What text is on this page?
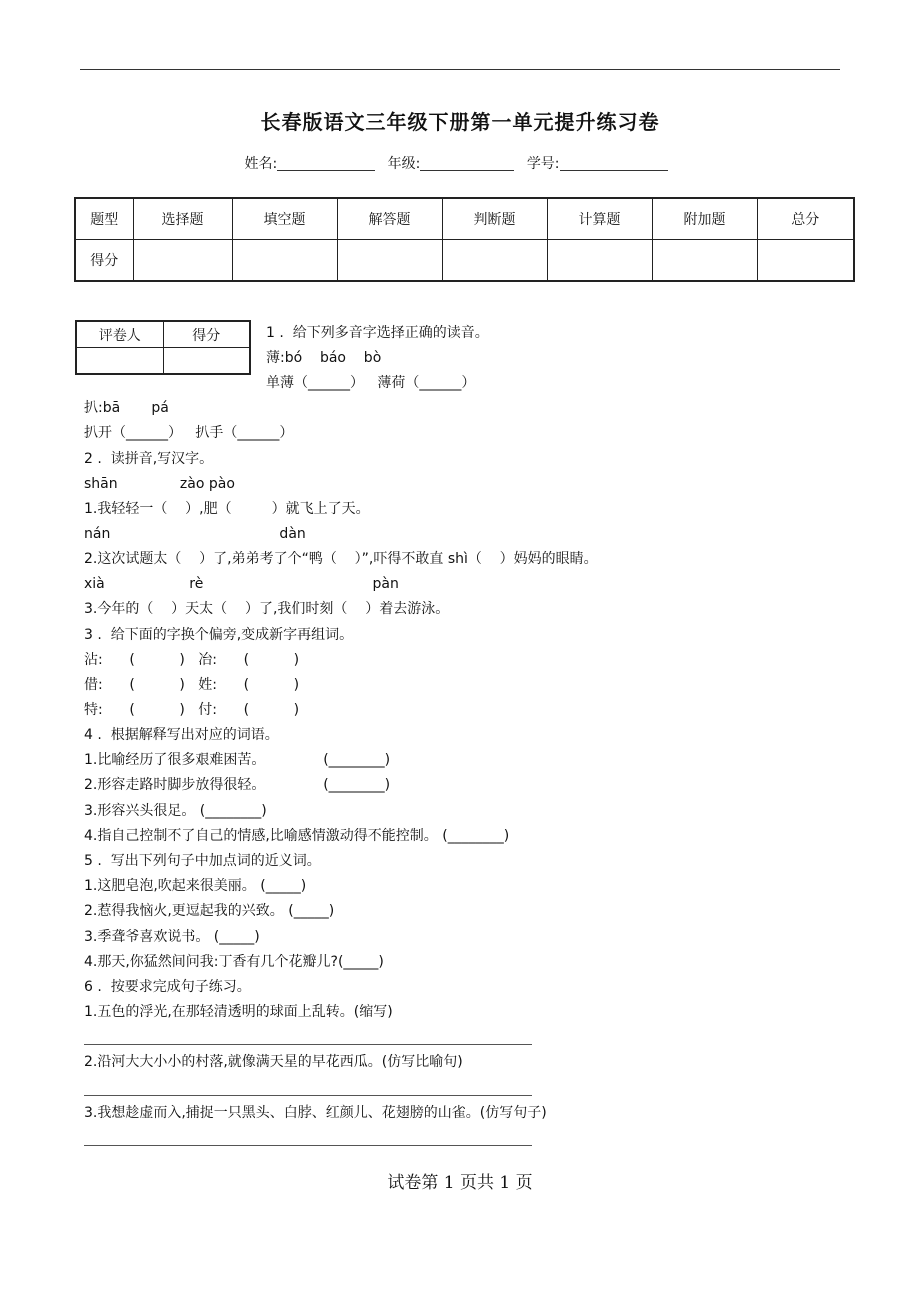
长春版语文三年级下册第一单元提升练习卷
姓名:	年级:	学号:
题型	选择题	填空题	解答题	判断题	计算题	附加题	总分
得分							
评卷人	得分
		1 .  给下列多音字选择正确的读音。
薄:bó    báo    bò
单薄（______）   薄荷（______）
扒:bā       pá
扒开（______）   扒手（______）
2 .  读拼音,写汉字。
shān              zào pào
1.我轻轻一（    ）,肥（         ）就飞上了天。
nán                                      dàn
2.这次试题太（    ）了,弟弟考了个“鸭（    ）”,吓得不敢直 shì（    ）妈妈的眼睛。
xià                   rè                                      pàn
3.今年的（    ）天太（    ）了,我们时刻（    ）着去游泳。
3 .  给下面的字换个偏旁,变成新字再组词。
沾:      (          )   冶:      (          )
借:      (          )   姓:      (          )
特:      (          )   付:      (          )
4 .  根据解释写出对应的词语。
1.比喻经历了很多艰难困苦。             (________)
2.形容走路时脚步放得很轻。             (________)
3.形容兴头很足。 (________)
4.指自己控制不了自己的情感,比喻感情激动得不能控制。 (________)
5 .  写出下列句子中加点词的近义词。
1.这肥皂泡,吹起来很美丽。 (_____)
2.惹得我恼火,更逗起我的兴致。 (_____)
3.季聋爷喜欢说书。 (_____)
4.那天,你猛然间问我:丁香有几个花瓣儿?(_____)
6 .  按要求完成句子练习。
1.五色的浮光,在那轻清透明的球面上乱转。(缩写)
2.沿河大大小小的村落,就像满天星的早花西瓜。(仿写比喻句)
3.我想趁虚而入,捕捉一只黑头、白脖、红颜儿、花翅膀的山雀。(仿写句子)
试卷第 1 页共 1 页
